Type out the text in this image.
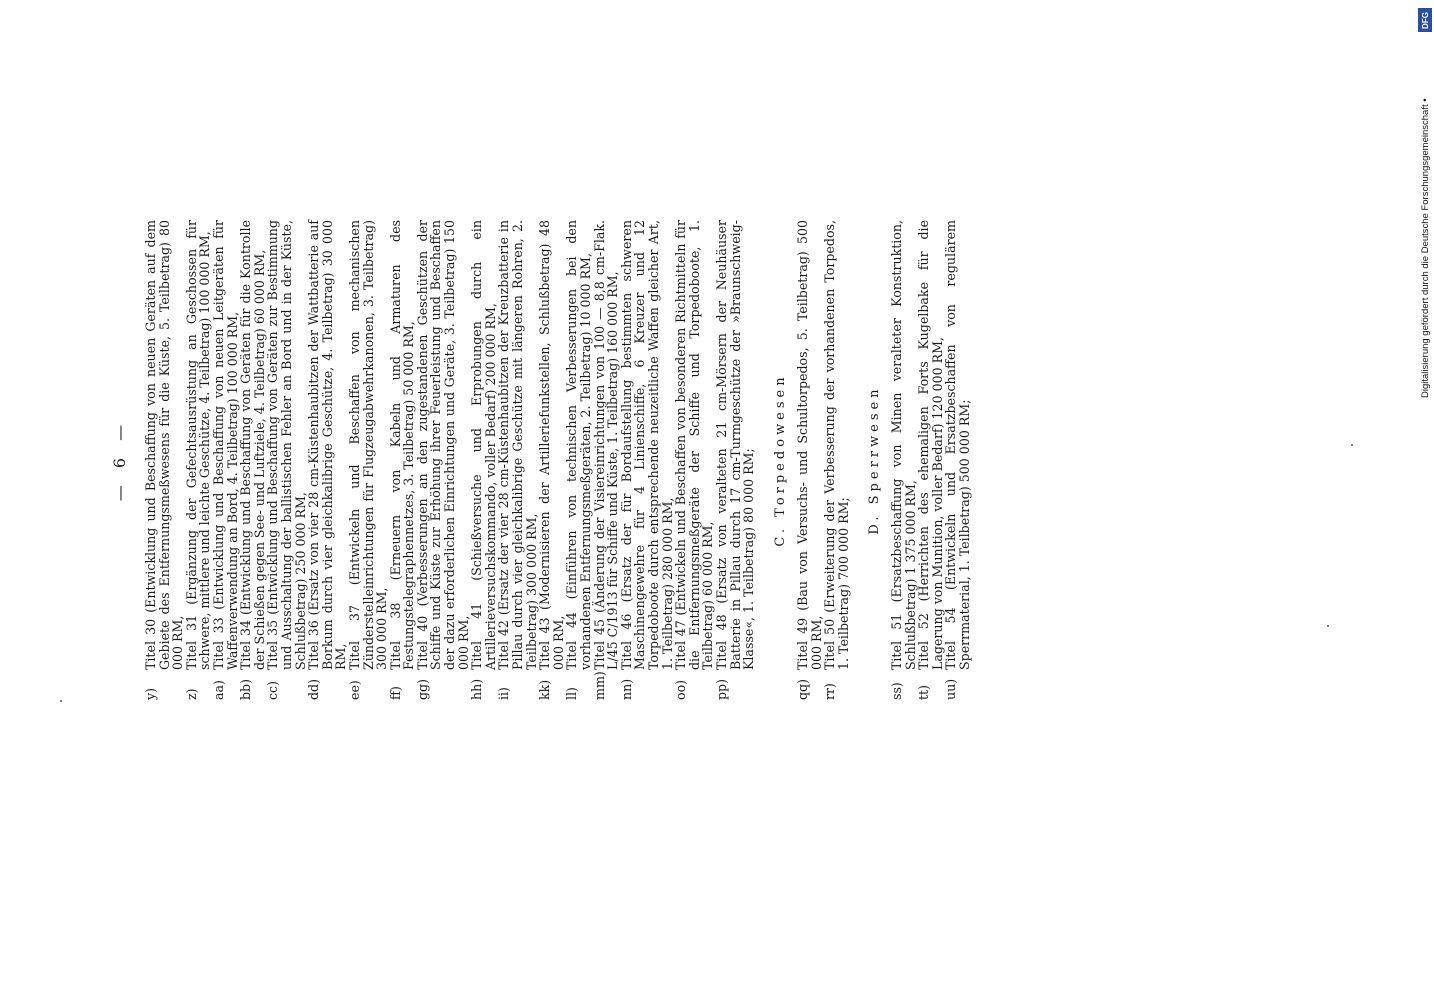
— 6 —
y)
Titel 30 (Entwicklung und Beschaffung von neuen Geräten auf dem Gebiete des Entfernungsmeßwesens für die Küste, 5. Teilbetrag) 80 000 RM,
z)
Titel 31 (Ergänzung der Gefechtsausrüstung an Geschossen für schwere, mittlere und leichte Geschütze, 4. Teilbetrag) 100 000 RM,
aa)
Titel 33 (Entwicklung und Beschaffung von neuen Leitgeräten für Waffenverwendung an Bord, 4. Teilbetrag) 100 000 RM,
bb)
Titel 34 (Entwicklung und Beschaffung von Geräten für die Kontrolle der Schießen gegen See- und Luftziele, 4. Teilbetrag) 60 000 RM,
cc)
Titel 35 (Entwicklung und Beschaffung von Geräten zur Bestimmung und Ausschaltung der ballistischen Fehler an Bord und in der Küste, Schlußbetrag) 250 000 RM,
dd)
Titel 36 (Ersatz von vier 28 cm-Küstenhaubitzen der Wattbatterie auf Borkum durch vier gleichkalibrige Geschütze, 4. Teilbetrag) 30 000 RM,
ee)
Titel 37 (Entwickeln und Beschaffen von mechanischen Zünderstelleinrichtungen für Flugzeugabwehrkanonen, 3. Teilbetrag) 300 000 RM,
ff)
Titel 38 (Erneuern von Kabeln und Armaturen des Festungstelegraphennetzes, 3. Teilbetrag) 50 000 RM,
gg)
Titel 40 (Verbesserungen an den zugestandenen Geschützen der Schiffe und Küste zur Erhöhung ihrer Feuerleistung und Beschaffen der dazu erforderlichen Einrichtungen und Geräte, 3. Teilbetrag) 150 000 RM,
hh)
Titel 41 (Schießversuche und Erprobungen durch ein Artillerieversuchskommando, voller Bedarf) 200 000 RM,
ii)
Titel 42 (Ersatz der vier 28 cm-Küstenhaubitzen der Kreuzbatterie in Pillau durch vier gleichkalibrige Geschütze mit längeren Rohren, 2. Teilbetrag) 300 000 RM,
kk)
Titel 43 (Modernisieren der Artilleriefunkstellen, Schlußbetrag) 48 000 RM,
ll)
Titel 44 (Einführen von technischen Verbesserungen bei den vorhandenen Entfernungsmeßgeräten, 2. Teilbetrag) 10 000 RM,
mm)
Titel 45 (Änderung der Visiereinrichtungen von 100 — 8,8 cm-Flak. L/45 C/1913 für Schiffe und Küste, 1. Teilbetrag) 160 000 RM,
nn)
Titel 46 (Ersatz der für Bordaufstellung bestimmten schweren Maschinengewehre für 4 Linienschiffe, 6 Kreuzer und 12 Torpedoboote durch entsprechende neuzeitliche Waffen gleicher Art, 1. Teilbetrag) 280 000 RM,
oo)
Titel 47 (Entwickeln und Beschaffen von besonderen Richtmitteln für die Entfernungsmeßgeräte der Schiffe und Torpedoboote, 1. Teilbetrag) 60 000 RM,
pp)
Titel 48 (Ersatz von veralteten 21 cm-Mörsern der Neuhäuser Batterie in Pillau durch 17 cm-Turmgeschütze der »Braunschweig-Klasse«, 1. Teilbetrag) 80 000 RM; C. Torpedowesen
qq)
Titel 49 (Bau von Versuchs- und Schultorpedos, 5. Teilbetrag) 500 000 RM,
rr)
Titel 50 (Erweiterung der Verbesserung der vorhandenen Torpedos, 1. Teilbetrag) 700 000 RM;
D. Sperrwesen
ss)
Titel 51 (Ersatzbeschaffung von Minen veralteter Konstruktion, Schlußbetrag) 1 375 000 RM,
tt)
Titel 52 (Herrichten des ehemaligen Forts Kugelbake für die Lagerung von Munition, voller Bedarf) 120 000 RM,
uu)
Titel 54 (Entwickeln und Ersatzbeschaffen von regulärem Sperrmaterial, 1. Teilbetrag) 500 000 RM;
DFG
Digitalisierung gefördert durch die Deutsche Forschungsgemeinschaft •
